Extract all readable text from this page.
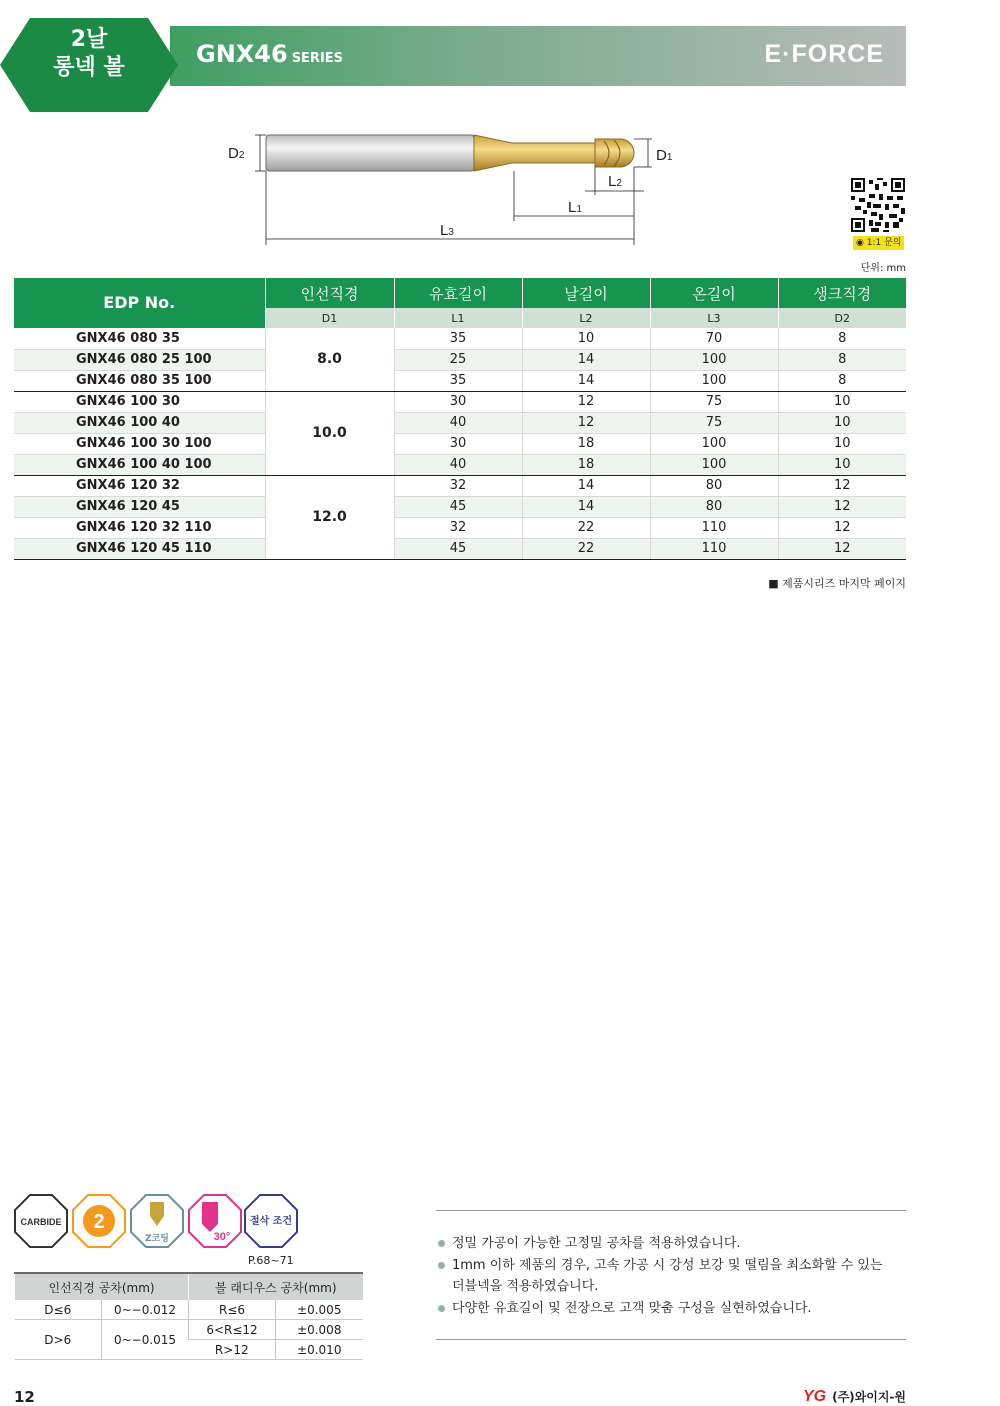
2날
롱넥 볼	GNX46 SERIES	E·FORCE
D2	D1
L2
L1
L3
◉ 1:1 문의
단위: mm
EDP No.	인선직경	유효길이	날길이	온길이	생크직경
	D1	L1	L2	L3	D2
GNX46 080 35	8.0	35	10	70	8
GNX46 080 25 100		25	14	100	8
GNX46 080 35 100		35	14	100	8
GNX46 100 30	10.0	30	12	75	10
GNX46 100 40		40	12	75	10
GNX46 100 30 100		30	18	100	10
GNX46 100 40 100		40	18	100	10
GNX46 120 32	12.0	32	14	80	12
GNX46 120 45		45	14	80	12
GNX46 120 32 110		32	22	110	12
GNX46 120 45 110		45	22	110	12
■ 제품시리즈 마지막 페이지
CARBIDE 2
Z코팅	30°
절삭 조건
P.68~71
인선직경 공차(mm)		볼 래디우스 공차(mm)	
D≤6	0~−0.012	R≤6	±0.005
D>6	0~−0.015	6<R≤12	±0.008
		R>12	±0.010
정밀 가공이 가능한 고정밀 공차를 적용하였습니다.
1mm 이하 제품의 경우, 고속 가공 시 강성 보강 및 떨림을 최소화할 수 있는 더블넥을 적용하였습니다.
다양한 유효길이 및 전장으로 고객 맞춤 구성을 실현하였습니다.
12	YG (주)와이지-원
